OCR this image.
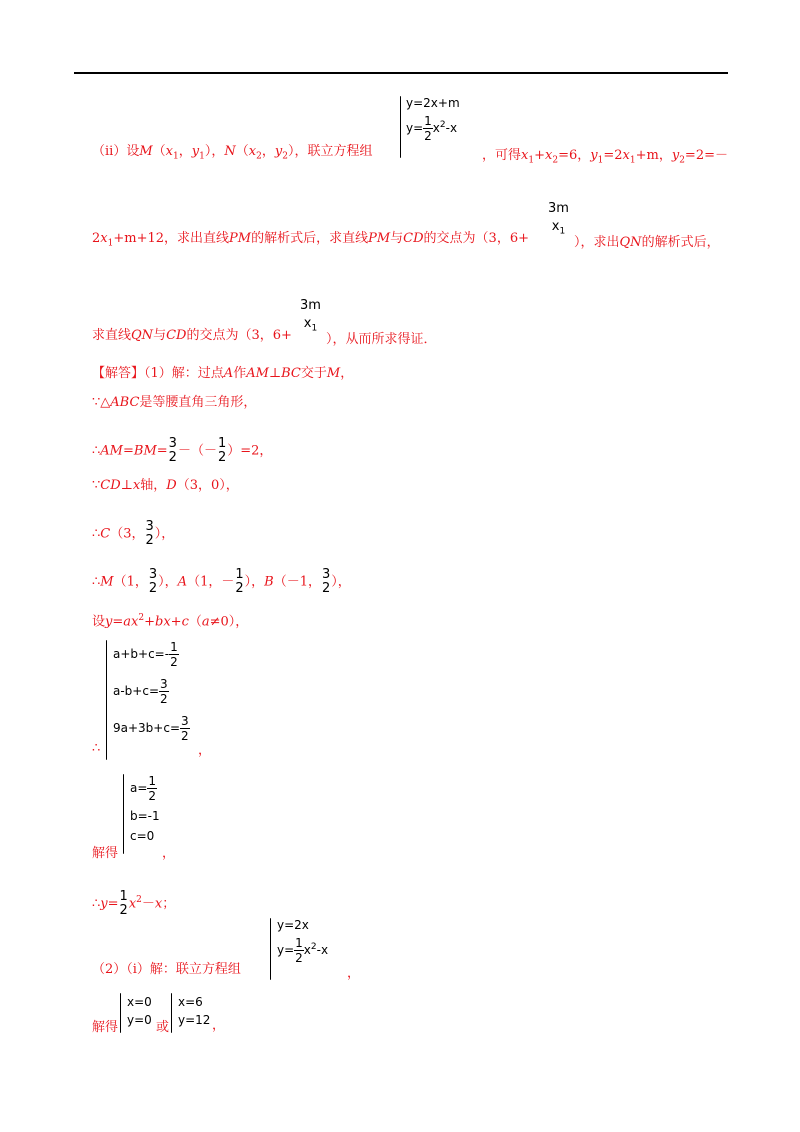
y=2x+m
$y= \frac{1}{2} x^2-x$
（ii）设$M(x_1$，$y_1$），$N(x_2$，$y_2$），联立方程组	，可得$x_1+x_2=6$，$y_1=2x_1+m$，$y_2=2=-$
$2x_1+m+12$，求出直线PM的解析式后，求直线PM与CD的交点为（3，6+
3m
$x_1$
），求出QN的解析式后，
求直线QN与CD的交点为（3，6+
3m
$x_1$
），从而所求得证．
【解答】（1）解：过点A作AM⊥BC交于M，
∵△ABC是等腰直角三角形，
∴AM=BM= 3
2 －（－ 1
2 ）=2，
∵CD⊥x轴，D（3，0），
∴C（3， 3
2 ），
∴M（1， 3
2 ），A（1，－ 1
2 ），B（－1， 3
2 ），
设$y=ax^2+bx+c(a\ne 0)$，
$a+b+c=- \frac{1}{2}$
$a-b+c= \frac{3}{2}$
$9a+3b+c= \frac{3}{2}$
∴	，
$a= \frac{1}{2}$
b=-1
c=0
解得	，
∴y= 1
2 $x^2-x$；
y=2x
$y= \frac{1}{2} x^2-x$
（2）（i）解：联立方程组	，
x=0
y=0 或
x=6
y=12
解得	，
